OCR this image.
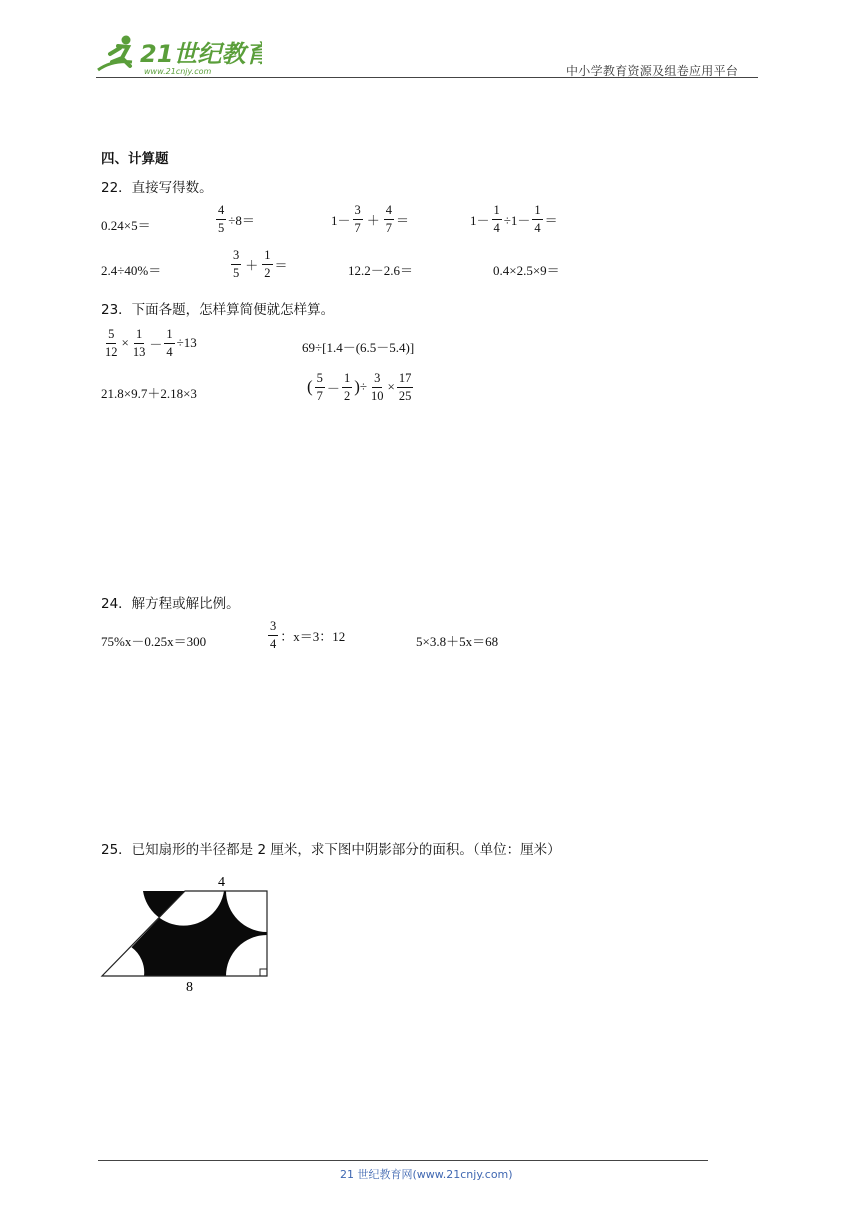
21世纪教育
www.21cnjy.com	中小学教育资源及组卷应用平台
四、计算题
22．直接写得数。
0.24×5＝	$\frac{4}{5} \div 8=$	$1- \frac{3}{7} + \frac{4}{7}$ ＝	$1- \frac{1}{4} \div 1- \frac{1}{4}$ ＝
2.4÷40%＝	$\frac{3}{5} + \frac{1}{2}$ ＝	12.2－2.6＝	0.4×2.5×9＝
23．下面各题，怎样算简便就怎样算。
$\frac{5}{12} \times \frac{1}{13} - \frac{1}{4} \div 13$	69÷[1.4－(6.5－5.4)]
21.8×9.7＋2.18×3	( $\frac{5}{7} - \frac{1}{2}$ ) ÷ $\frac{3}{10} \times \frac{17}{25}$
24．解方程或解比例。
75%x－0.25x＝300	$\frac{3}{4}$ ：x＝3：12	5×3.8＋5x＝68
25．已知扇形的半径都是 2 厘米，求下图中阴影部分的面积。（单位：厘米）
4
8
21 世纪教育网(www.21cnjy.com)
